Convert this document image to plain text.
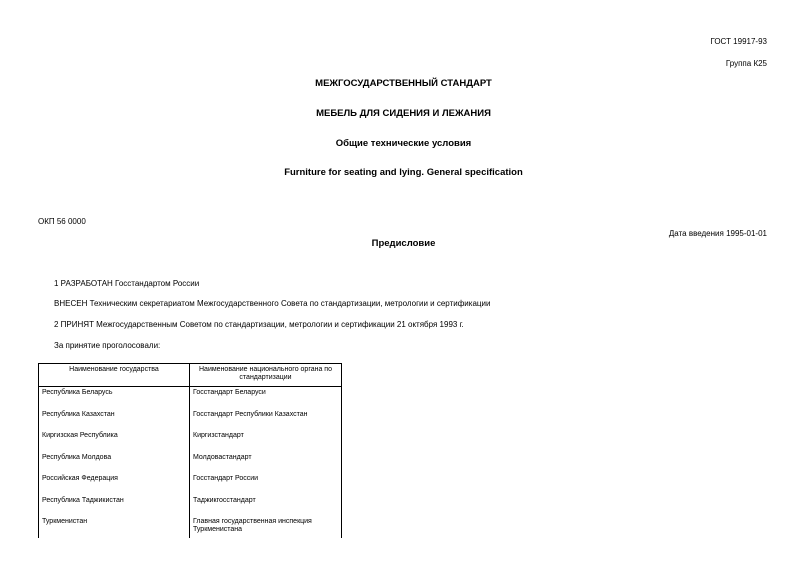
ГОСТ 19917-93
Группа К25
МЕЖГОСУДАРСТВЕННЫЙ СТАНДАРТ
МЕБЕЛЬ ДЛЯ СИДЕНИЯ И ЛЕЖАНИЯ
Общие технические условия
Furniture for seating and lying. General specification
ОКП 56 0000
Дата введения 1995-01-01
Предисловие
1 РАЗРАБОТАН Госстандартом России
ВНЕСЕН Техническим секретариатом Межгосударственного Совета по стандартизации, метрологии и сертификации
2 ПРИНЯТ Межгосударственным Советом по стандартизации, метрологии и сертификации 21 октября 1993 г.
За принятие проголосовали:
Наименование государства	Наименование национального органа по стандартизации
Республика Беларусь	Госстандарт Беларуси
Республика Казахстан	Госстандарт Республики Казахстан
Киргизская Республика	Киргизстандарт
Республика Молдова	Молдовастандарт
Российская Федерация	Госстандарт России
Республика Таджикистан	Таджикгосстандарт
Туркменистан	Главная государственная инспекция Туркменистана
